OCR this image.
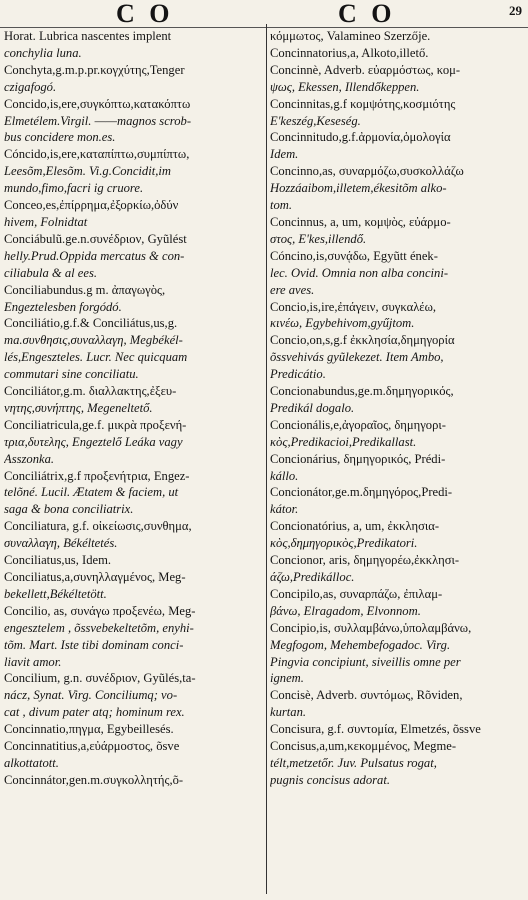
C O	C O	29
Horat. Lubrica nascentes implent
conchylia luna.
Conchyta,g.m.p.pr.κογχύτης,Tenger
czigafogó.
Concido,is,ere,συγκόπτω,κατακόπτω
Elmetélem.Virgil. ——magnos scrob-
bus concidere mon.es.
Cóncido,is,ere,καταπίπτω,συμπίπτω,
Leesõm,Elesõm. Vi.g.Concidit,im
mundo,fimo,facri ig cruore.
Conceo,es,ἐπίρρημα,ἐξορκίω,ὀδύν
hivem, Folnidtat
Conciábulũ.ge.n.συνέδριον, Gyũlést
helly.Prud.Oppida mercatus & con-
ciliabula & al ees.
Conciliabundus.g m. ἀπαγωγὸς,
Engeztelesben forgódó.
Conciliátio,g.f.& Conciliátus,us,g.
ma.συνθησις,συναλλαγη, Megbékél-
lés,Engeszteles. Lucr. Nec quicquam
commutari sine conciliatu.
Conciliátor,g.m. διαλλακτης,ἐξευ-
νητης,συνήπτης, Megeneltető.
Conciliatricula,ge.f. μικρὰ προξενή-
τρια,δυτελης, Engeztelő Leáka vagy
Asszonka.
Conciliátrix,g.f προξενήτρια, Engez-
telõné. Lucil. Ætatem & faciem, ut
saga & bona conciliatrix.
Conciliatura, g.f. οἰκείωσις,συνθημα,
συναλλαγη, Békéltetés.
Conciliatus,us, Idem.
Conciliatus,a,συνηλλαγμένος, Meg-
bekellett,Békéltetött.
Concilio, as, συνάγω προξενέω, Meg-
engesztelem , õssvebekeltetõm, enyhi-
tõm. Mart. Iste tibi dominam conci-
liavit amor.
Concilium, g.n. συνέδριον, Gyũlés,ta-
nácz, Synat. Virg. Conciliumq; vo-
cat , divum pater atq; hominum rex.
Concinnatio,πηγμα, Egybeillesés.
Concinnatitius,a,εὐάρμοστος, õsve
alkottatott.
Concinnátor,gen.m.συγκολλητής,õ-
κόμμωτος, Valamineo Szerzője.
Concinnatorius,a, Alkoto,illető.
Concinnè, Adverb. εὐαρμόστως, κομ-
ψως, Ekessen, Illendőkeppen.
Concinnitas,g.f κομψότης,κοσμιότης
E'keszég,Keseség.
Concinnitudo,g.f.ἀρμονία,ὁμολογία
Idem.
Concinno,as, συναρμόζω,συσκολλάζω
Hozzáaibom,illetem,ékesitõm alko-
tom.
Concinnus, a, um, κομψὸς, εὐάρμο-
στος, E'kes,illendő.
Cóncino,is,συνᾴδω, Egyũtt ének-
lec. Ovid. Omnia non alba concini-
ere aves.
Concio,is,ire,ἐπάγειν, συγκαλέω,
κινέω, Egybehivom,gyűjtom.
Concio,on,s,g.f ἐκκλησία,δημηγορία
õssvehivás gyũlekezet. Item Ambo,
Predicátio.
Concionabundus,ge.m.δημηγορικός,
Predikál dogalo.
Concionális,e,ἀγοραῖος, δημηγορι-
κὸς,Predikacioi,Predikallast.
Concionárius, δημηγορικός, Prédi-
kállo.
Concionátor,ge.m.δημηγόρος,Predi-
kátor.
Concionatórius, a, um, ἐκκλησια-
κὸς,δημηγορικὸς,Predikatori.
Concionor, aris, δημηγορέω,ἐκκλησι-
άζω,Predikálloc.
Concipilo,as, συναρπάζω, ἐπιλαμ-
βάνω, Elragadom, Elvonnom.
Concipio,is, συλλαμβάνω,ὑπολαμβάνω,
Megfogom, Mehembefogadoc. Virg.
Pingvia concipiunt, siveillis omne per
ignem.
Concisè, Adverb. συντόμως, Rõviden,
kurtan.
Concisura, g.f. συντομία, Elmetzés, õssve
Concisus,a,um,κεκομμένος, Megme-
télt,metzetőr. Juv. Pulsatus rogat,
pugnis concisus adorat.
